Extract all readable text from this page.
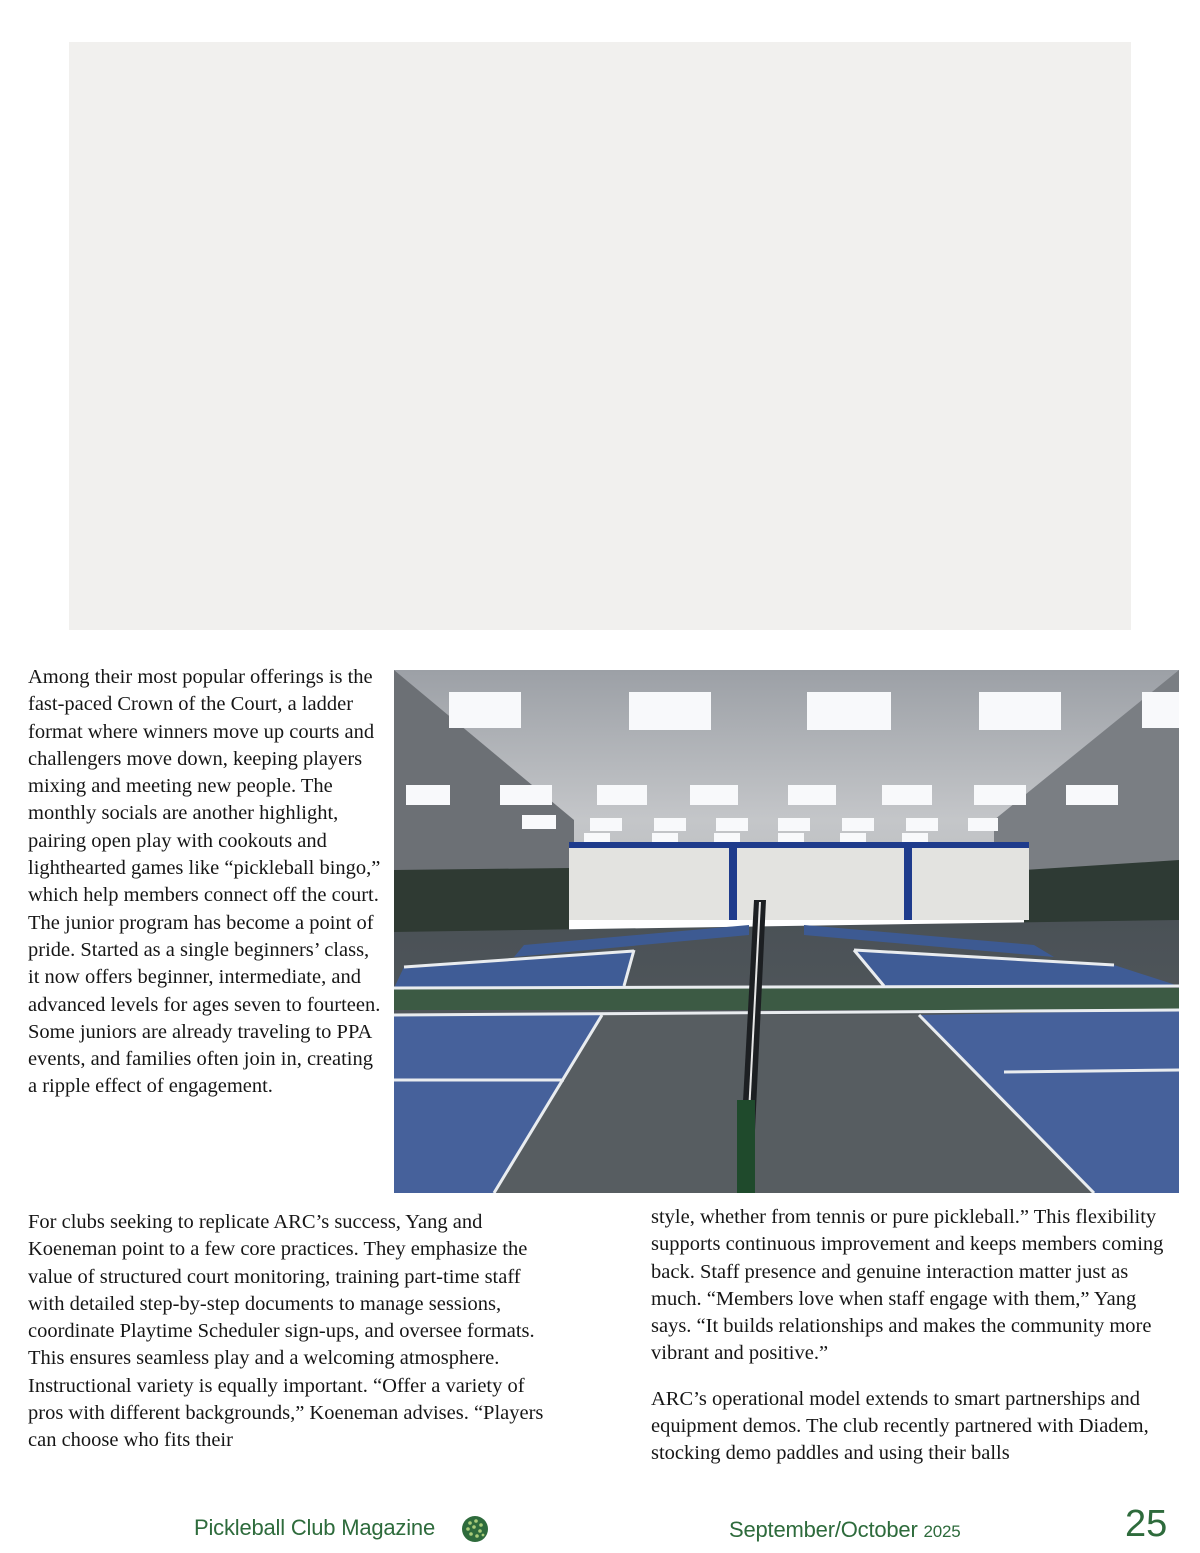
Among their most popular offerings is the fast-paced Crown of the Court, a ladder format where winners move up courts and challengers move down, keeping players mixing and meeting new people. The monthly socials are another highlight, pairing open play with cookouts and lighthearted games like “pickleball bingo,” which help members connect off the court. The junior program has become a point of pride. Started as a single beginners’ class, it now offers beginner, intermediate, and advanced levels for ages seven to fourteen. Some juniors are already traveling to PPA events, and families often join in, creating a ripple effect of engagement.
For clubs seeking to replicate ARC’s success, Yang and Koeneman point to a few core practices. They emphasize the value of structured court monitoring, training part-time staff with detailed step-by-step documents to manage sessions, coordinate Playtime Scheduler sign-ups, and oversee formats. This ensures seamless play and a welcoming atmosphere. Instructional variety is equally important. “Offer a variety of pros with different backgrounds,” Koeneman advises. “Players can choose who fits their

style, whether from tennis or pure pickleball.” This flexibility supports continuous improvement and keeps members coming back. Staff presence and genuine interaction matter just as much. “Members love when staff engage with them,” Yang says. “It builds relationships and makes the community more vibrant and positive.”

ARC’s operational model extends to smart partnerships and equipment demos. The club recently partnered with Diadem, stocking demo paddles and using their balls

Pickleball Club Magazine	September/October 2025	25
